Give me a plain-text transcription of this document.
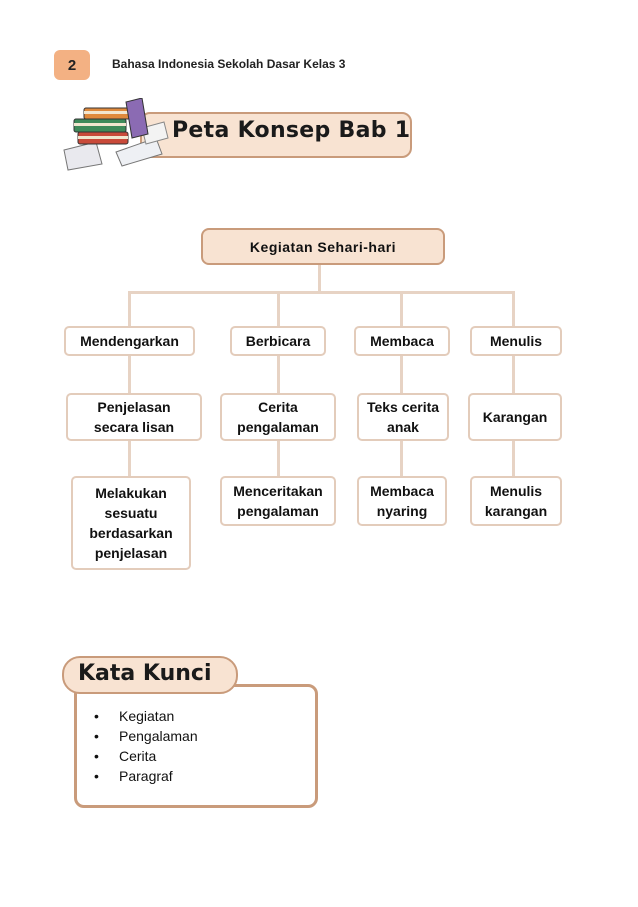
2	Bahasa Indonesia Sekolah Dasar Kelas 3
Peta Konsep Bab 1
Kegiatan Sehari-hari
Mendengarkan	Berbicara	Membaca	Menulis
Penjelasan
secara lisan
Cerita
pengalaman
Teks cerita
anak
Karangan
Melakukan
sesuatu
berdasarkan
penjelasan
Menceritakan
pengalaman
Membaca
nyaring
Menulis
karangan
Kata Kunci
• Kegiatan
• Pengalaman
• Cerita
• Paragraf
